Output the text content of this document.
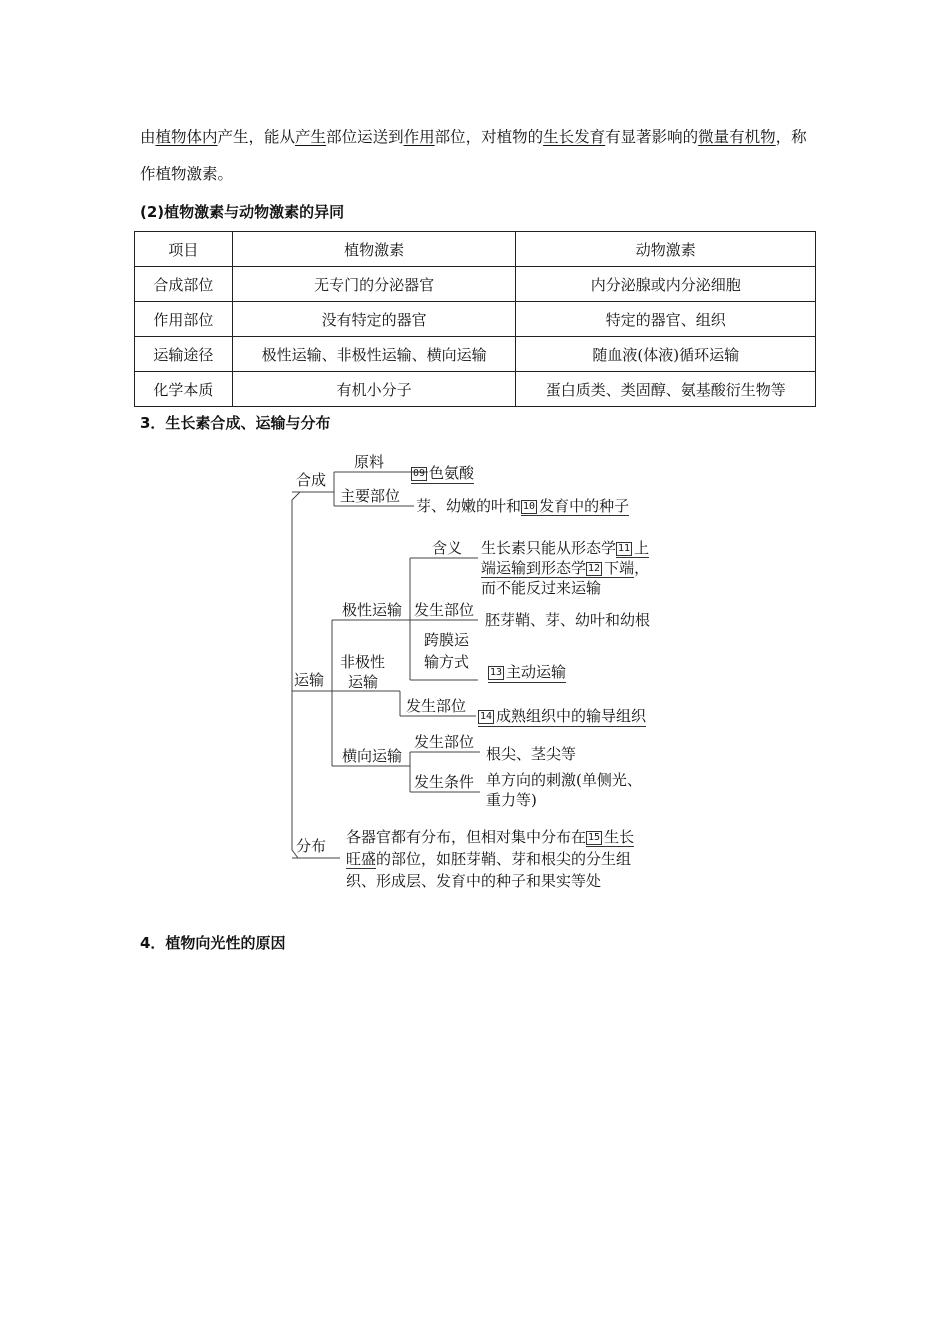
由植物体内产生，能从产生部位运送到作用部位，对植物的生长发育有显著影响的微量有机物，称作植物激素。
(2)植物激素与动物激素的异同
项目	植物激素	动物激素
合成部位	无专门的分泌器官	内分泌腺或内分泌细胞
作用部位	没有特定的器官	特定的器官、组织
运输途径	极性运输、非极性运输、横向运输	随血液(体液)循环运输
化学本质	有机小分子	蛋白质类、类固醇、氨基酸衍生物等
3．生长素合成、运输与分布
合成
原料
09 色氨酸
主要部位
芽、幼嫩的叶和 10 发育中的种子
运输
极性运输
含义 生长素只能从形态学 11 上
端运输到形态学 12 下端，
而不能反过来运输
发生部位
胚芽鞘、芽、幼叶和幼根
跨膜运
输方式
13 主动运输
非极性
运输
发生部位
14 成熟组织中的输导组织
横向运输
发生部位
根尖、茎尖等
发生条件 单方向的刺激(单侧光、
重力等)
分布 各器官都有分布，但相对集中分布在 15 生长
旺盛的部位，如胚芽鞘、芽和根尖的分生组
织、形成层、发育中的种子和果实等处
4．植物向光性的原因
